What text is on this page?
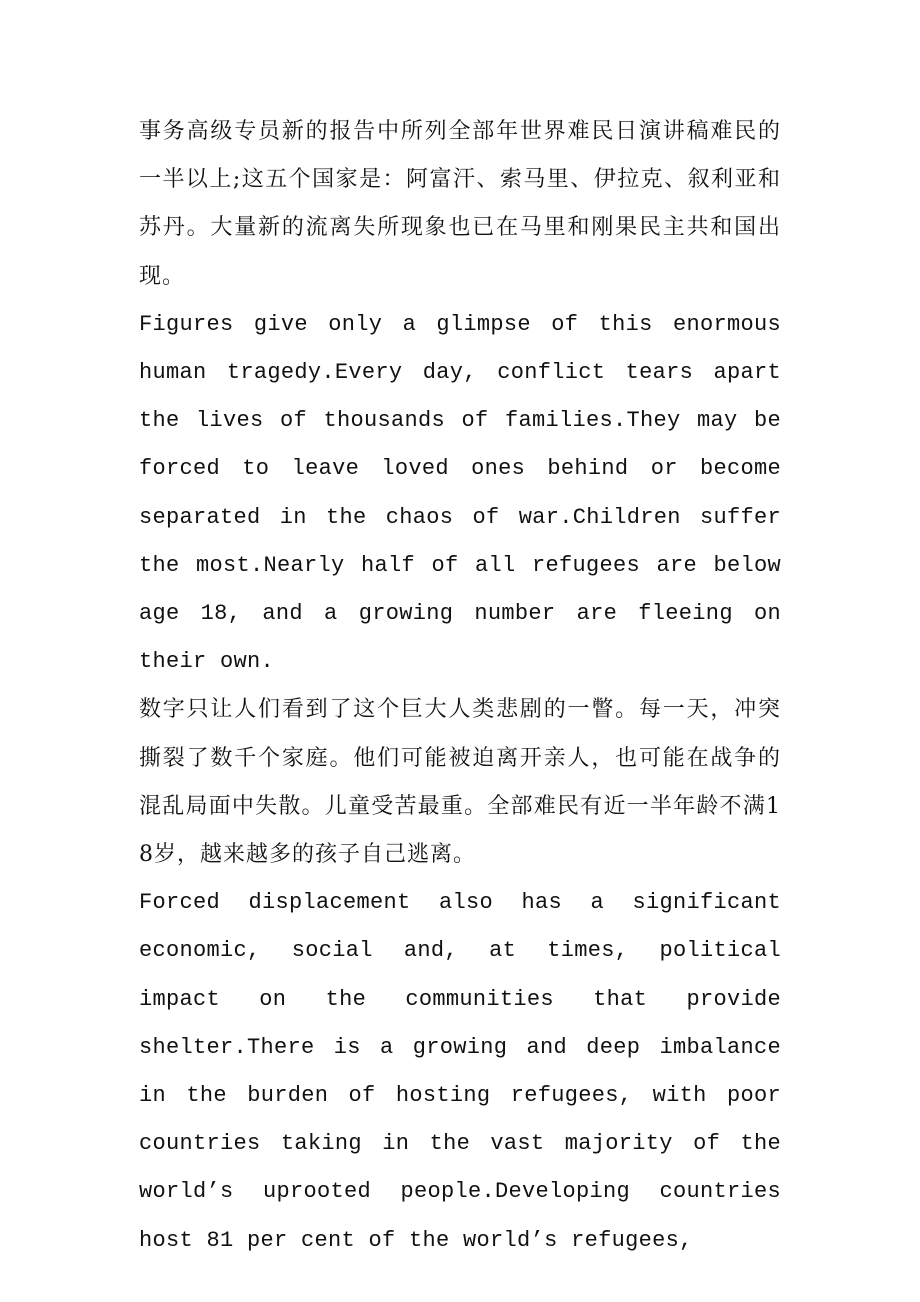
事务高级专员新的报告中所列全部年世界难民日演讲稿难民的一半以上;这五个国家是：阿富汗、索马里、伊拉克、叙利亚和苏丹。大量新的流离失所现象也已在马里和刚果民主共和国出现。

Figures give only a glimpse of this enormous human tragedy.Every day, conflict tears apart the lives of thousands of families.They may be forced to leave loved ones behind or become separated in the chaos of war.Children suffer the most.Nearly half of all refugees are below age 18, and a growing number are fleeing on their own.

数字只让人们看到了这个巨大人类悲剧的一瞥。每一天，冲突撕裂了数千个家庭。他们可能被迫离开亲人，也可能在战争的混乱局面中失散。儿童受苦最重。全部难民有近一半年龄不满18岁，越来越多的孩子自己逃离。

Forced displacement also has a significant economic, social and, at times, political impact on the communities that provide shelter.There is a growing and deep imbalance in the burden of hosting refugees, with poor countries taking in the vast majority of the world’s uprooted people.Developing countries host 81 per cent of the world’s refugees,
